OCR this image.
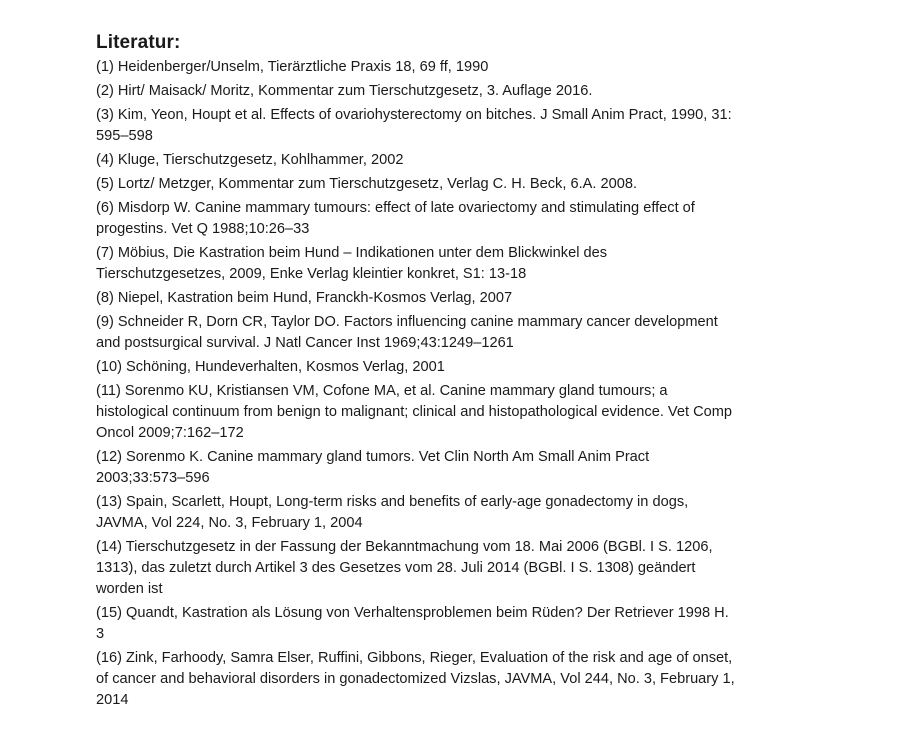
Literatur:
(1) Heidenberger/Unselm, Tierärztliche Praxis 18, 69 ff, 1990
(2) Hirt/ Maisack/ Moritz, Kommentar zum Tierschutzgesetz, 3. Auflage 2016.
(3) Kim, Yeon, Houpt et al. Effects of ovariohysterectomy on bitches. J Small Anim Pract, 1990, 31: 595–598
(4) Kluge, Tierschutzgesetz, Kohlhammer, 2002
(5) Lortz/ Metzger, Kommentar zum Tierschutzgesetz, Verlag C. H. Beck, 6.A. 2008.
(6) Misdorp W. Canine mammary tumours: effect of late ovariectomy and stimulating effect of progestins. Vet Q 1988;10:26–33
(7) Möbius, Die Kastration beim Hund – Indikationen unter dem Blickwinkel des Tierschutzgesetzes, 2009, Enke Verlag kleintier konkret, S1: 13-18
(8) Niepel, Kastration beim Hund, Franckh-Kosmos Verlag, 2007
(9) Schneider R, Dorn CR, Taylor DO. Factors influencing canine mammary cancer development and postsurgical survival. J Natl Cancer Inst 1969;43:1249–1261
(10) Schöning, Hundeverhalten, Kosmos Verlag, 2001
(11) Sorenmo KU, Kristiansen VM, Cofone MA, et al. Canine mammary gland tumours; a histological continuum from benign to malignant; clinical and histopathological evidence. Vet Comp Oncol 2009;7:162–172
(12) Sorenmo K. Canine mammary gland tumors. Vet Clin North Am Small Anim Pract 2003;33:573–596
(13) Spain, Scarlett, Houpt, Long-term risks and benefits of early-age gonadectomy in dogs, JAVMA, Vol 224, No. 3, February 1, 2004
(14) Tierschutzgesetz in der Fassung der Bekanntmachung vom 18. Mai 2006 (BGBl. I S. 1206, 1313), das zuletzt durch Artikel 3 des Gesetzes vom 28. Juli 2014 (BGBl. I S. 1308) geändert worden ist
(15) Quandt, Kastration als Lösung von Verhaltensproblemen beim Rüden? Der Retriever 1998 H. 3
(16) Zink, Farhoody, Samra Elser, Ruffini, Gibbons, Rieger, Evaluation of the risk and age of onset, of cancer and behavioral disorders in gonadectomized Vizslas, JAVMA, Vol 244, No. 3, February 1, 2014
